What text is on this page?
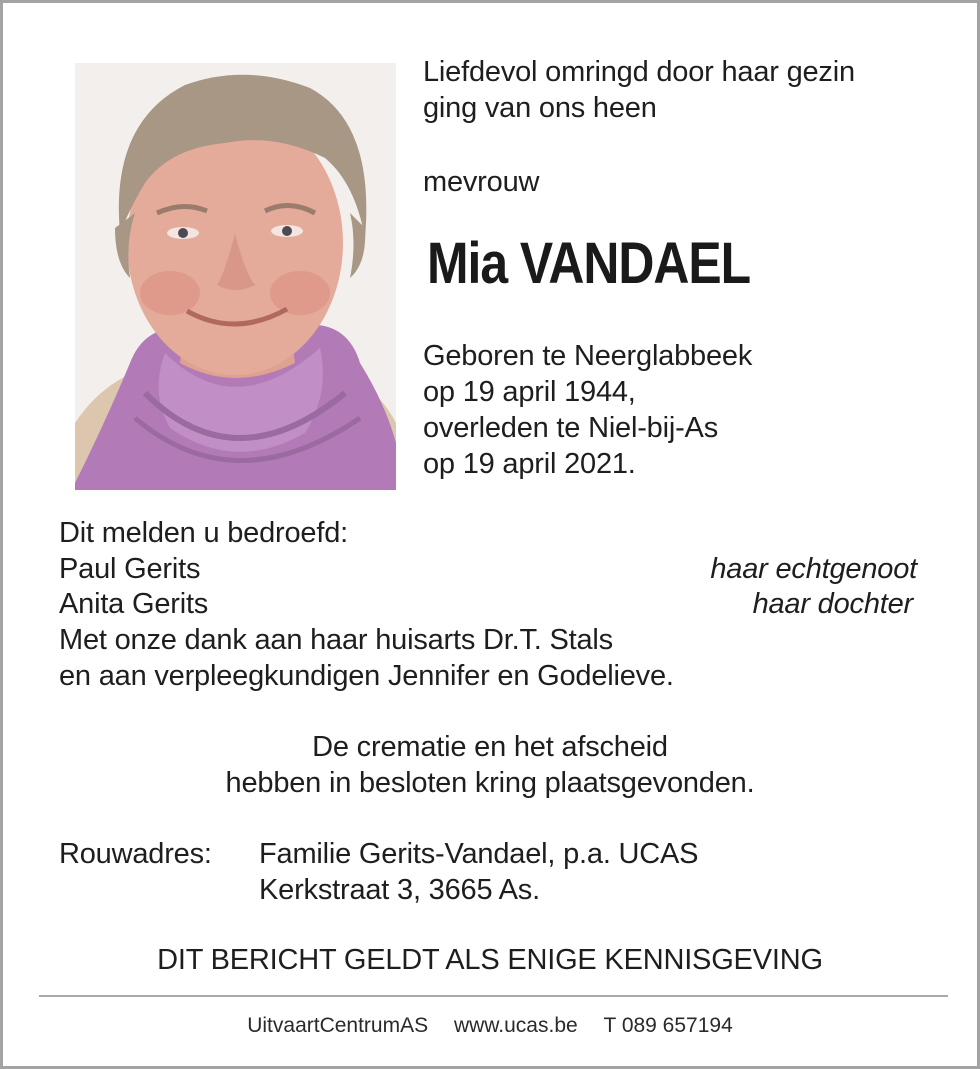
Liefdevol omringd door haar gezin

ging van ons heen

mevrouw

Mia VANDAEL

Geboren te Neerglabbeek

op 19 april 1944,

overleden te Niel-bij-As

op 19 april 2021.

Dit melden u bedroefd:

Paul Gerits	haar echtgenoot

Anita Gerits	haar dochter

Met onze dank aan haar huisarts Dr.T. Stals

en aan verpleegkundigen Jennifer en Godelieve.

De crematie en het afscheid

hebben in besloten kring plaatsgevonden.

Rouwadres: Familie Gerits-Vandael, p.a. UCAS

Kerkstraat 3, 3665 As.

DIT BERICHT GELDT ALS ENIGE KENNISGEVING

UitvaartCentrumAS www.ucas.be T 089 657194
